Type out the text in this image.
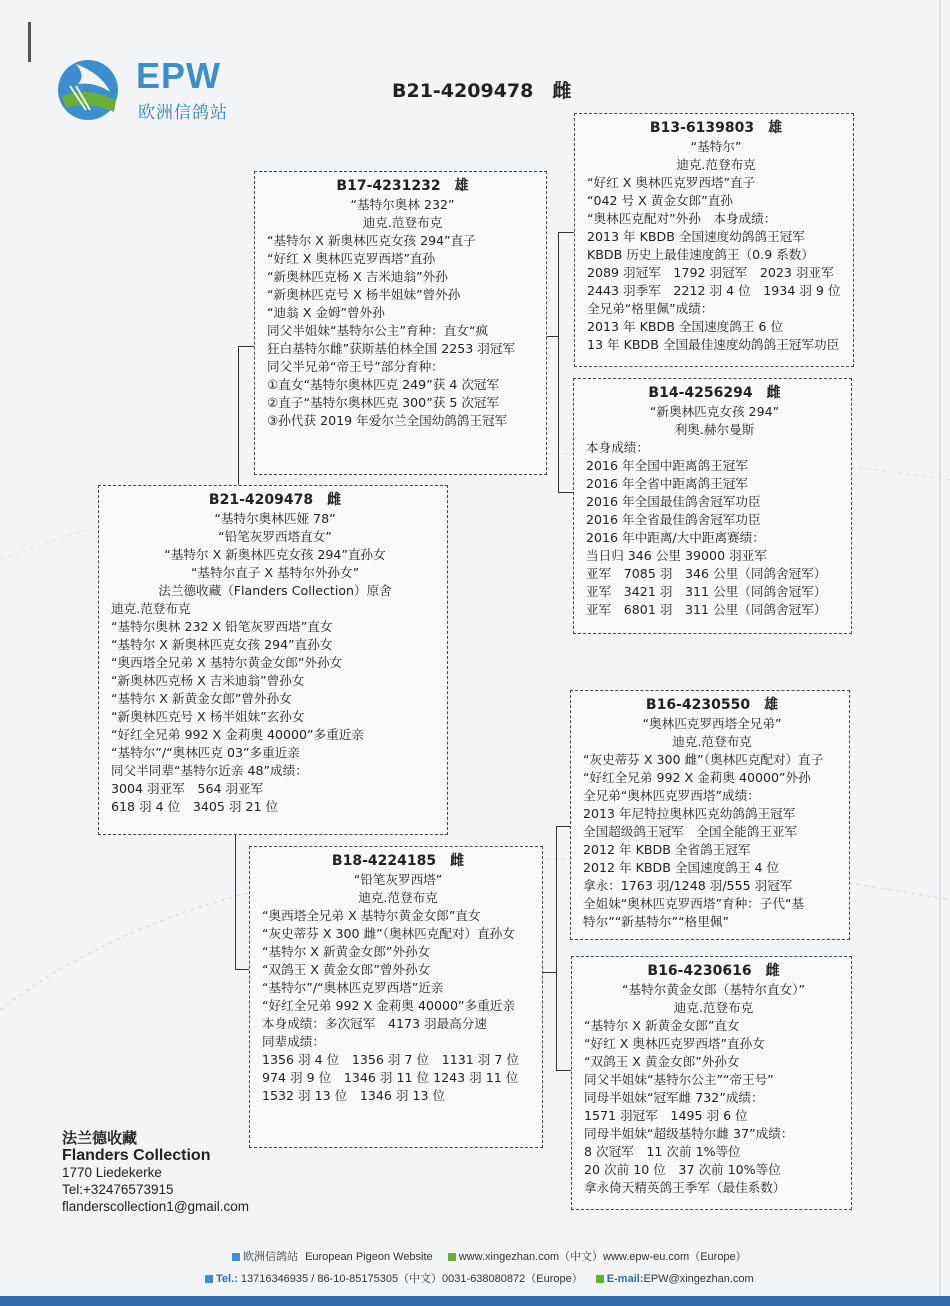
EPW
欧洲信鸽站
B21-4209478　雌
B13-6139803　雄
“基特尔”
迪克.范登布克
“好红 X 奥林匹克罗西塔”直子
“042 号 X 黄金女郎”直孙
“奥林匹克配对”外孙　本身成绩：
2013 年 KBDB 全国速度幼鸽鸽王冠军
KBDB 历史上最佳速度鸽王（0.9 系数）
2089 羽冠军　1792 羽冠军　2023 羽亚军
2443 羽季军　2212 羽 4 位　1934 羽 9 位
全兄弟“格里佩”成绩：
2013 年 KBDB 全国速度鸽王 6 位
13 年 KBDB 全国最佳速度幼鸽鸽王冠军功臣
B17-4231232　雄
“基特尔奥林 232”
迪克.范登布克
“基特尔 X 新奥林匹克女孩 294”直子
“好红 X 奥林匹克罗西塔”直孙
“新奥林匹克杨 X 吉米迪翁”外孙
“新奥林匹克号 X 杨半姐妹”曾外孙
“迪翁 X 金姆”曾外孙
同父半姐妹“基特尔公主”育种：直女“疯
狂白基特尔雌”获斯基伯林全国 2253 羽冠军
同父半兄弟“帝王号”部分育种：
①直女“基特尔奥林匹克 249”获 4 次冠军
②直子“基特尔奥林匹克 300”获 5 次冠军
③孙代获 2019 年爱尔兰全国幼鸽鸽王冠军
B14-4256294　雌
“新奥林匹克女孩 294”
利奥.赫尔曼斯
本身成绩：
2016 年全国中距离鸽王冠军
2016 年全省中距离鸽王冠军
2016 年全国最佳鸽舍冠军功臣
2016 年全省最佳鸽舍冠军功臣
2016 年中距离/大中距离赛绩：
当日归 346 公里 39000 羽亚军
亚军　7085 羽　346 公里（同鸽舍冠军）
亚军　3421 羽　311 公里（同鸽舍冠军）
亚军　6801 羽　311 公里（同鸽舍冠军）
B21-4209478　雌
“基特尔奥林匹娅 78”
“铅笔灰罗西塔直女”
“基特尔 X 新奥林匹克女孩 294”直孙女
“基特尔直子 X 基特尔外孙女”
法兰德收藏（Flanders Collection）原舍
迪克.范登布克
“基特尔奥林 232 X 铅笔灰罗西塔”直女
“基特尔 X 新奥林匹克女孩 294”直孙女
“奥西塔全兄弟 X 基特尔黄金女郎”外孙女
“新奥林匹克杨 X 吉米迪翁”曾孙女
“基特尔 X 新黄金女郎”曾外孙女
“新奥林匹克号 X 杨半姐妹”玄孙女
“好红全兄弟 992 X 金莉奥 40000”多重近亲
“基特尔”/“奥林匹克 03”多重近亲
同父半同辈“基特尔近亲 48”成绩：
3004 羽亚军　564 羽亚军
618 羽 4 位　3405 羽 21 位
B16-4230550　雄
“奥林匹克罗西塔全兄弟”
迪克.范登布克
“灰史蒂芬 X 300 雌”（奥林匹克配对）直子
“好红全兄弟 992 X 金莉奥 40000”外孙
全兄弟“奥林匹克罗西塔”成绩：
2013 年尼特拉奥林匹克幼鸽鸽王冠军
全国超级鸽王冠军　全国全能鸽王亚军
2012 年 KBDB 全省鸽王冠军
2012 年 KBDB 全国速度鸽王 4 位
拿永：1763 羽/1248 羽/555 羽冠军
全姐妹“奥林匹克罗西塔”育种：子代“基
特尔”“新基特尔”“格里佩”
B18-4224185　雌
“铅笔灰罗西塔”
迪克.范登布克
“奥西塔全兄弟 X 基特尔黄金女郎”直女
“灰史蒂芬 X 300 雌”（奥林匹克配对）直孙女
“基特尔 X 新黄金女郎”外孙女
“双鸽王 X 黄金女郎”曾外孙女
“基特尔”/“奥林匹克罗西塔”近亲
“好红全兄弟 992 X 金莉奥 40000”多重近亲
本身成绩：多次冠军　4173 羽最高分速
同辈成绩：
1356 羽 4 位　1356 羽 7 位　1131 羽 7 位
974 羽 9 位　1346 羽 11 位 1243 羽 11 位
1532 羽 13 位　1346 羽 13 位
B16-4230616　雌
“基特尔黄金女郎（基特尔直女）”
迪克.范登布克
“基特尔 X 新黄金女郎”直女
“好红 X 奥林匹克罗西塔”直孙女
“双鸽王 X 黄金女郎”外孙女
同父半姐妹“基特尔公主”“帝王号”
同母半姐妹“冠军雌 732”成绩：
1571 羽冠军　1495 羽 6 位
同母半姐妹“超级基特尔雌 37”成绩：
8 次冠军　11 次前 1%等位
20 次前 10 位　37 次前 10%等位
拿永倚天精英鸽王季军（最佳系数）
法兰德收藏
Flanders Collection
1770 Liedekerke
Tel:+32476573915
flanderscollection1@gmail.com
欧洲信鸽站 European Pigeon Website www.xingezhan.com（中文）www.epw-eu.com（Europe）
Tel.: 13716346935 / 86-10-85175305（中文）0031-638080872（Europe） E-mail:EPW@xingezhan.com
